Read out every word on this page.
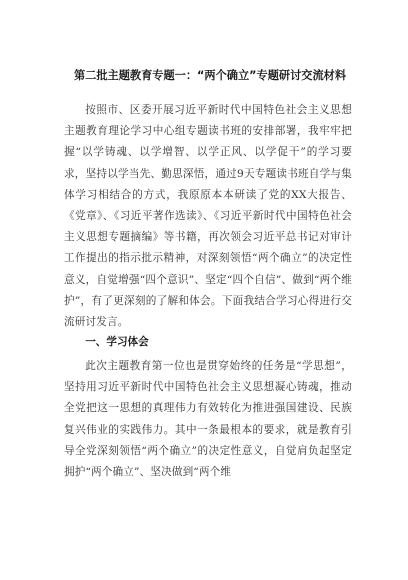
第二批主题教育专题一：“两个确立”专题研讨交流材料

按照市、区委开展习近平新时代中国特色社会主义思想主题教育理论学习中心组专题读书班的安排部署，我牢牢把握“以学铸魂、以学增智、以学正风、以学促干”的学习要求，坚持以学当先、勤思深悟，通过9天专题读书班自学与集体学习相结合的方式，我原原本本研读了党的XX大报告、《党章》、《习近平著作选读》、《习近平新时代中国特色社会主义思想专题摘编》等书籍，再次领会习近平总书记对审计工作提出的指示批示精神，对深刻领悟“两个确立”的决定性意义，自觉增强“四个意识”、坚定“四个自信”、做到“两个维护”，有了更深刻的了解和体会。下面我结合学习心得进行交流研讨发言。

一、学习体会

此次主题教育第一位也是贯穿始终的任务是“学思想”，坚持用习近平新时代中国特色社会主义思想凝心铸魂，推动全党把这一思想的真理伟力有效转化为推进强国建设、民族复兴伟业的实践伟力。其中一条最根本的要求，就是教育引导全党深刻领悟“两个确立”的决定性意义，自觉肩负起坚定拥护“两个确立”、坚决做到“两个维
